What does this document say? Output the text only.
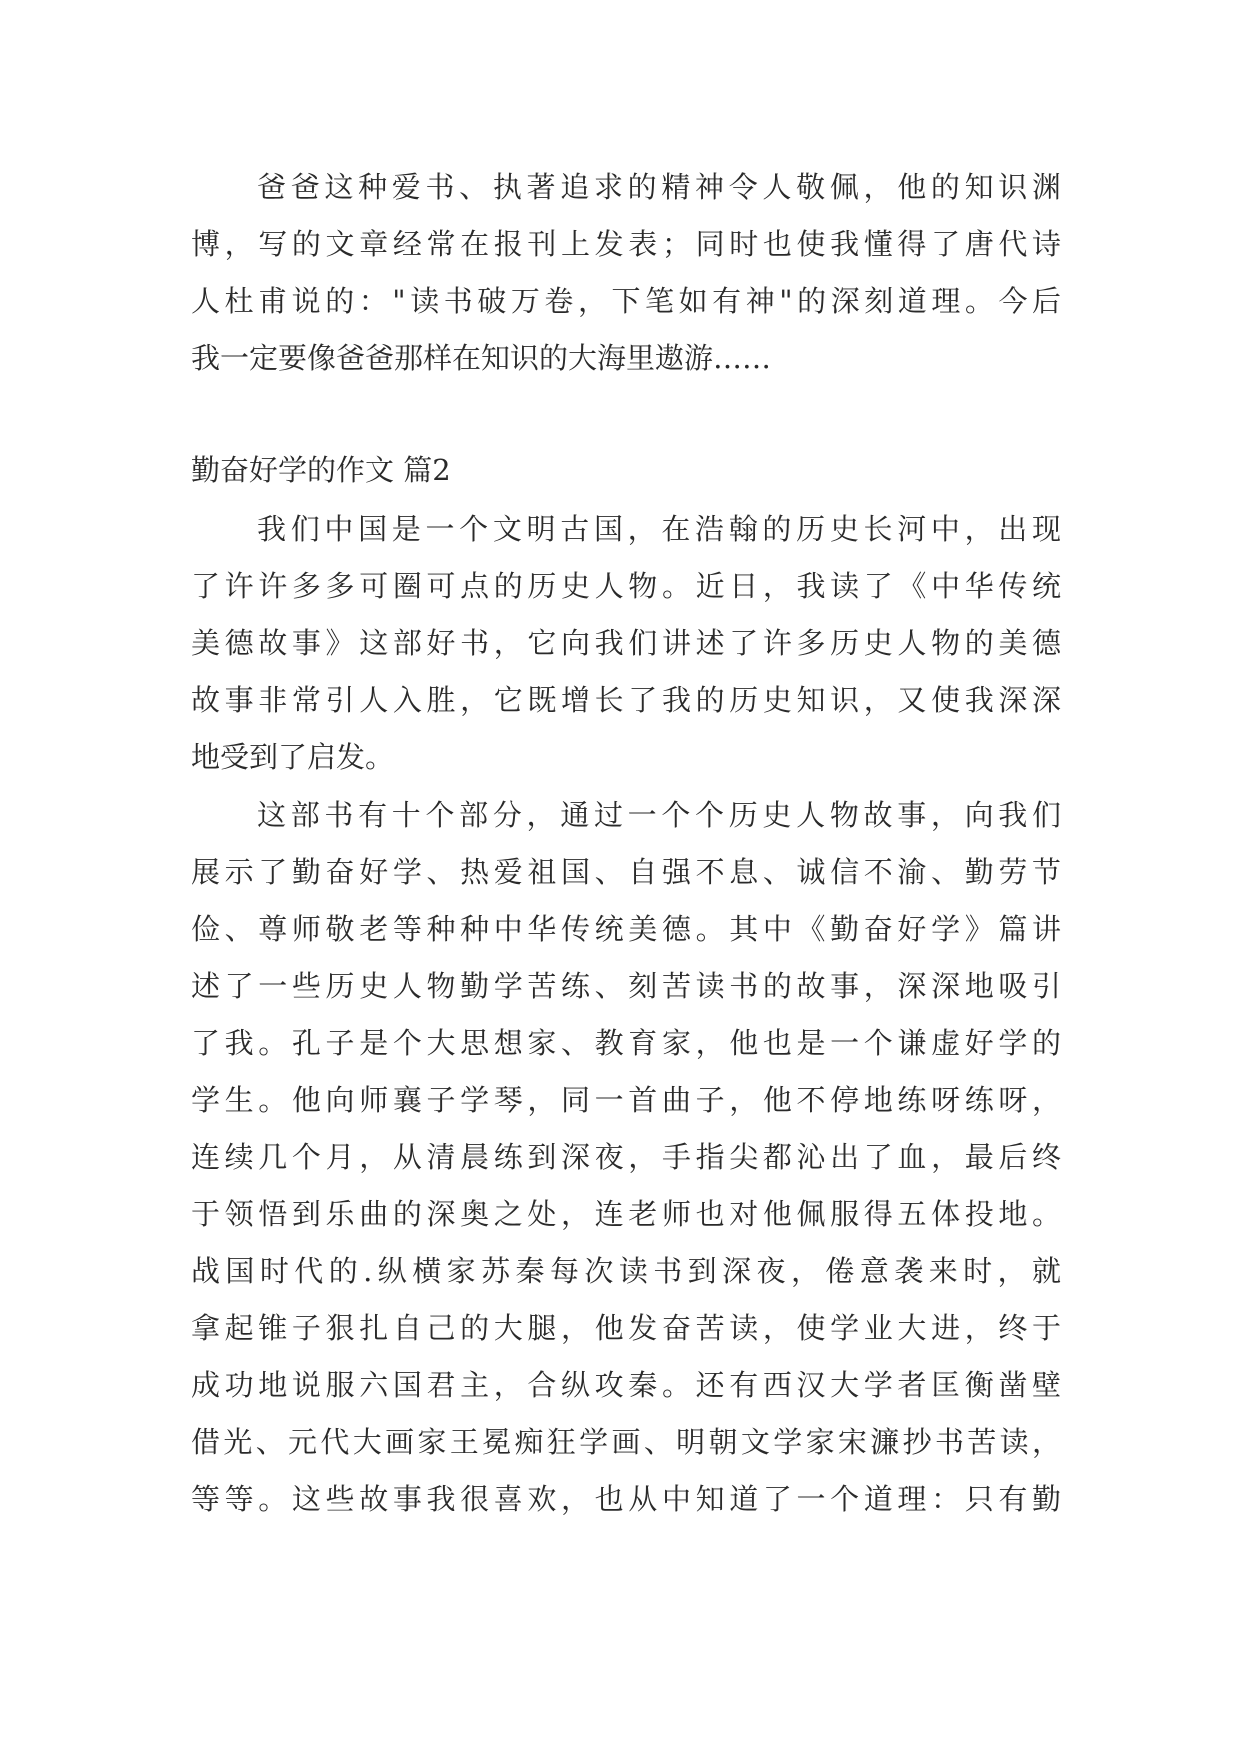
爸爸这种爱书、执著追求的精神令人敬佩，他的知识渊
博，写的文章经常在报刊上发表；同时也使我懂得了唐代诗
人杜甫说的："读书破万卷，下笔如有神"的深刻道理。今后
我一定要像爸爸那样在知识的大海里遨游……
勤奋好学的作文 篇2
我们中国是一个文明古国，在浩翰的历史长河中，出现
了许许多多可圈可点的历史人物。近日，我读了《中华传统
美德故事》这部好书，它向我们讲述了许多历史人物的美德
故事非常引人入胜，它既增长了我的历史知识，又使我深深
地受到了启发。
这部书有十个部分，通过一个个历史人物故事，向我们
展示了勤奋好学、热爱祖国、自强不息、诚信不渝、勤劳节
俭、尊师敬老等种种中华传统美德。其中《勤奋好学》篇讲
述了一些历史人物勤学苦练、刻苦读书的故事，深深地吸引
了我。孔子是个大思想家、教育家，他也是一个谦虚好学的
学生。他向师襄子学琴，同一首曲子，他不停地练呀练呀，
连续几个月，从清晨练到深夜，手指尖都沁出了血，最后终
于领悟到乐曲的深奥之处，连老师也对他佩服得五体投地。
战国时代的.纵横家苏秦每次读书到深夜，倦意袭来时，就
拿起锥子狠扎自己的大腿，他发奋苦读，使学业大进，终于
成功地说服六国君主，合纵攻秦。还有西汉大学者匡衡凿壁
借光、元代大画家王冕痴狂学画、明朝文学家宋濂抄书苦读，
等等。这些故事我很喜欢，也从中知道了一个道理：只有勤
